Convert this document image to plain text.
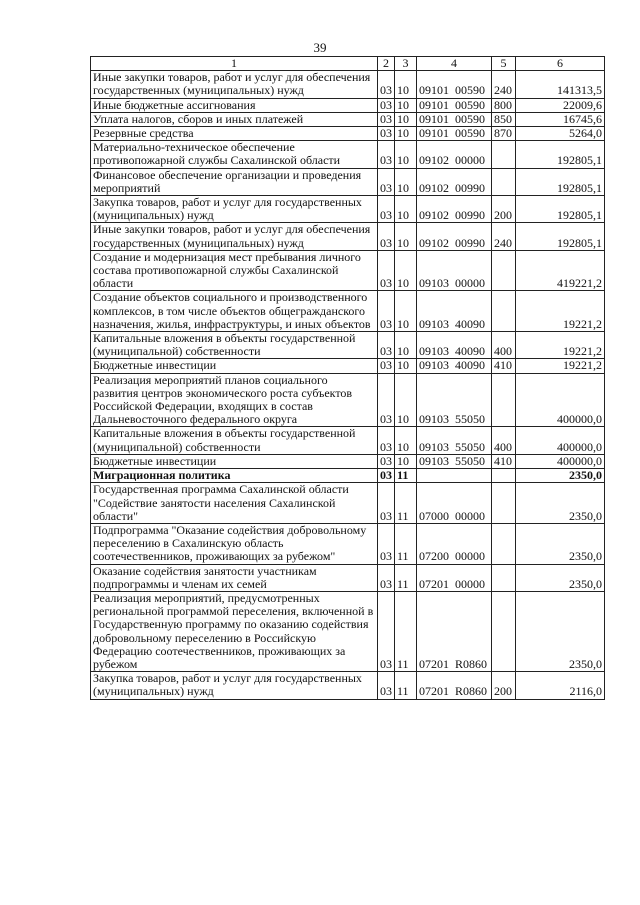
39
1	2	3	4	5	6
Иные закупки товаров, работ и услуг для обеспечения государственных (муниципальных) нужд	03	10	09101  00590	240	141313,5
Иные бюджетные ассигнования	03	10	09101  00590	800	22009,6
Уплата налогов, сборов и иных платежей	03	10	09101  00590	850	16745,6
Резервные средства	03	10	09101  00590	870	5264,0
Материально-техническое обеспечение противопожарной службы Сахалинской области	03	10	09102  00000		192805,1
Финансовое обеспечение организации и проведения мероприятий	03	10	09102  00990		192805,1
Закупка товаров, работ и услуг для государственных (муниципальных) нужд	03	10	09102  00990	200	192805,1
Иные закупки товаров, работ и услуг для обеспечения государственных (муниципальных) нужд	03	10	09102  00990	240	192805,1
Создание и модернизация мест пребывания личного состава противопожарной службы Сахалинской области	03	10	09103  00000		419221,2
Создание объектов социального и производственного комплексов, в том числе объектов общегражданского назначения, жилья, инфраструктуры, и иных объектов	03	10	09103  40090		19221,2
Капитальные вложения в объекты государственной (муниципальной) собственности	03	10	09103  40090	400	19221,2
Бюджетные инвестиции	03	10	09103  40090	410	19221,2
Реализация мероприятий планов социального развития центров экономического роста субъектов Российской Федерации, входящих в состав Дальневосточного федерального округа	03	10	09103  55050		400000,0
Капитальные вложения в объекты государственной (муниципальной) собственности	03	10	09103  55050	400	400000,0
Бюджетные инвестиции	03	10	09103  55050	410	400000,0
Миграционная политика	03	11			2350,0
Государственная программа Сахалинской области "Содействие занятости населения Сахалинской области"	03	11	07000  00000		2350,0
Подпрограмма "Оказание содействия добровольному переселению в Сахалинскую область соотечественников, проживающих за рубежом"	03	11	07200  00000		2350,0
Оказание содействия занятости участникам подпрограммы и членам их семей	03	11	07201  00000		2350,0
Реализация мероприятий, предусмотренных региональной программой переселения, включенной в Государственную программу по оказанию содействия добровольному переселению в Российскую Федерацию соотечественников, проживающих за рубежом	03	11	07201  R0860		2350,0
Закупка товаров, работ и услуг для государственных (муниципальных) нужд	03	11	07201  R0860	200	2116,0
